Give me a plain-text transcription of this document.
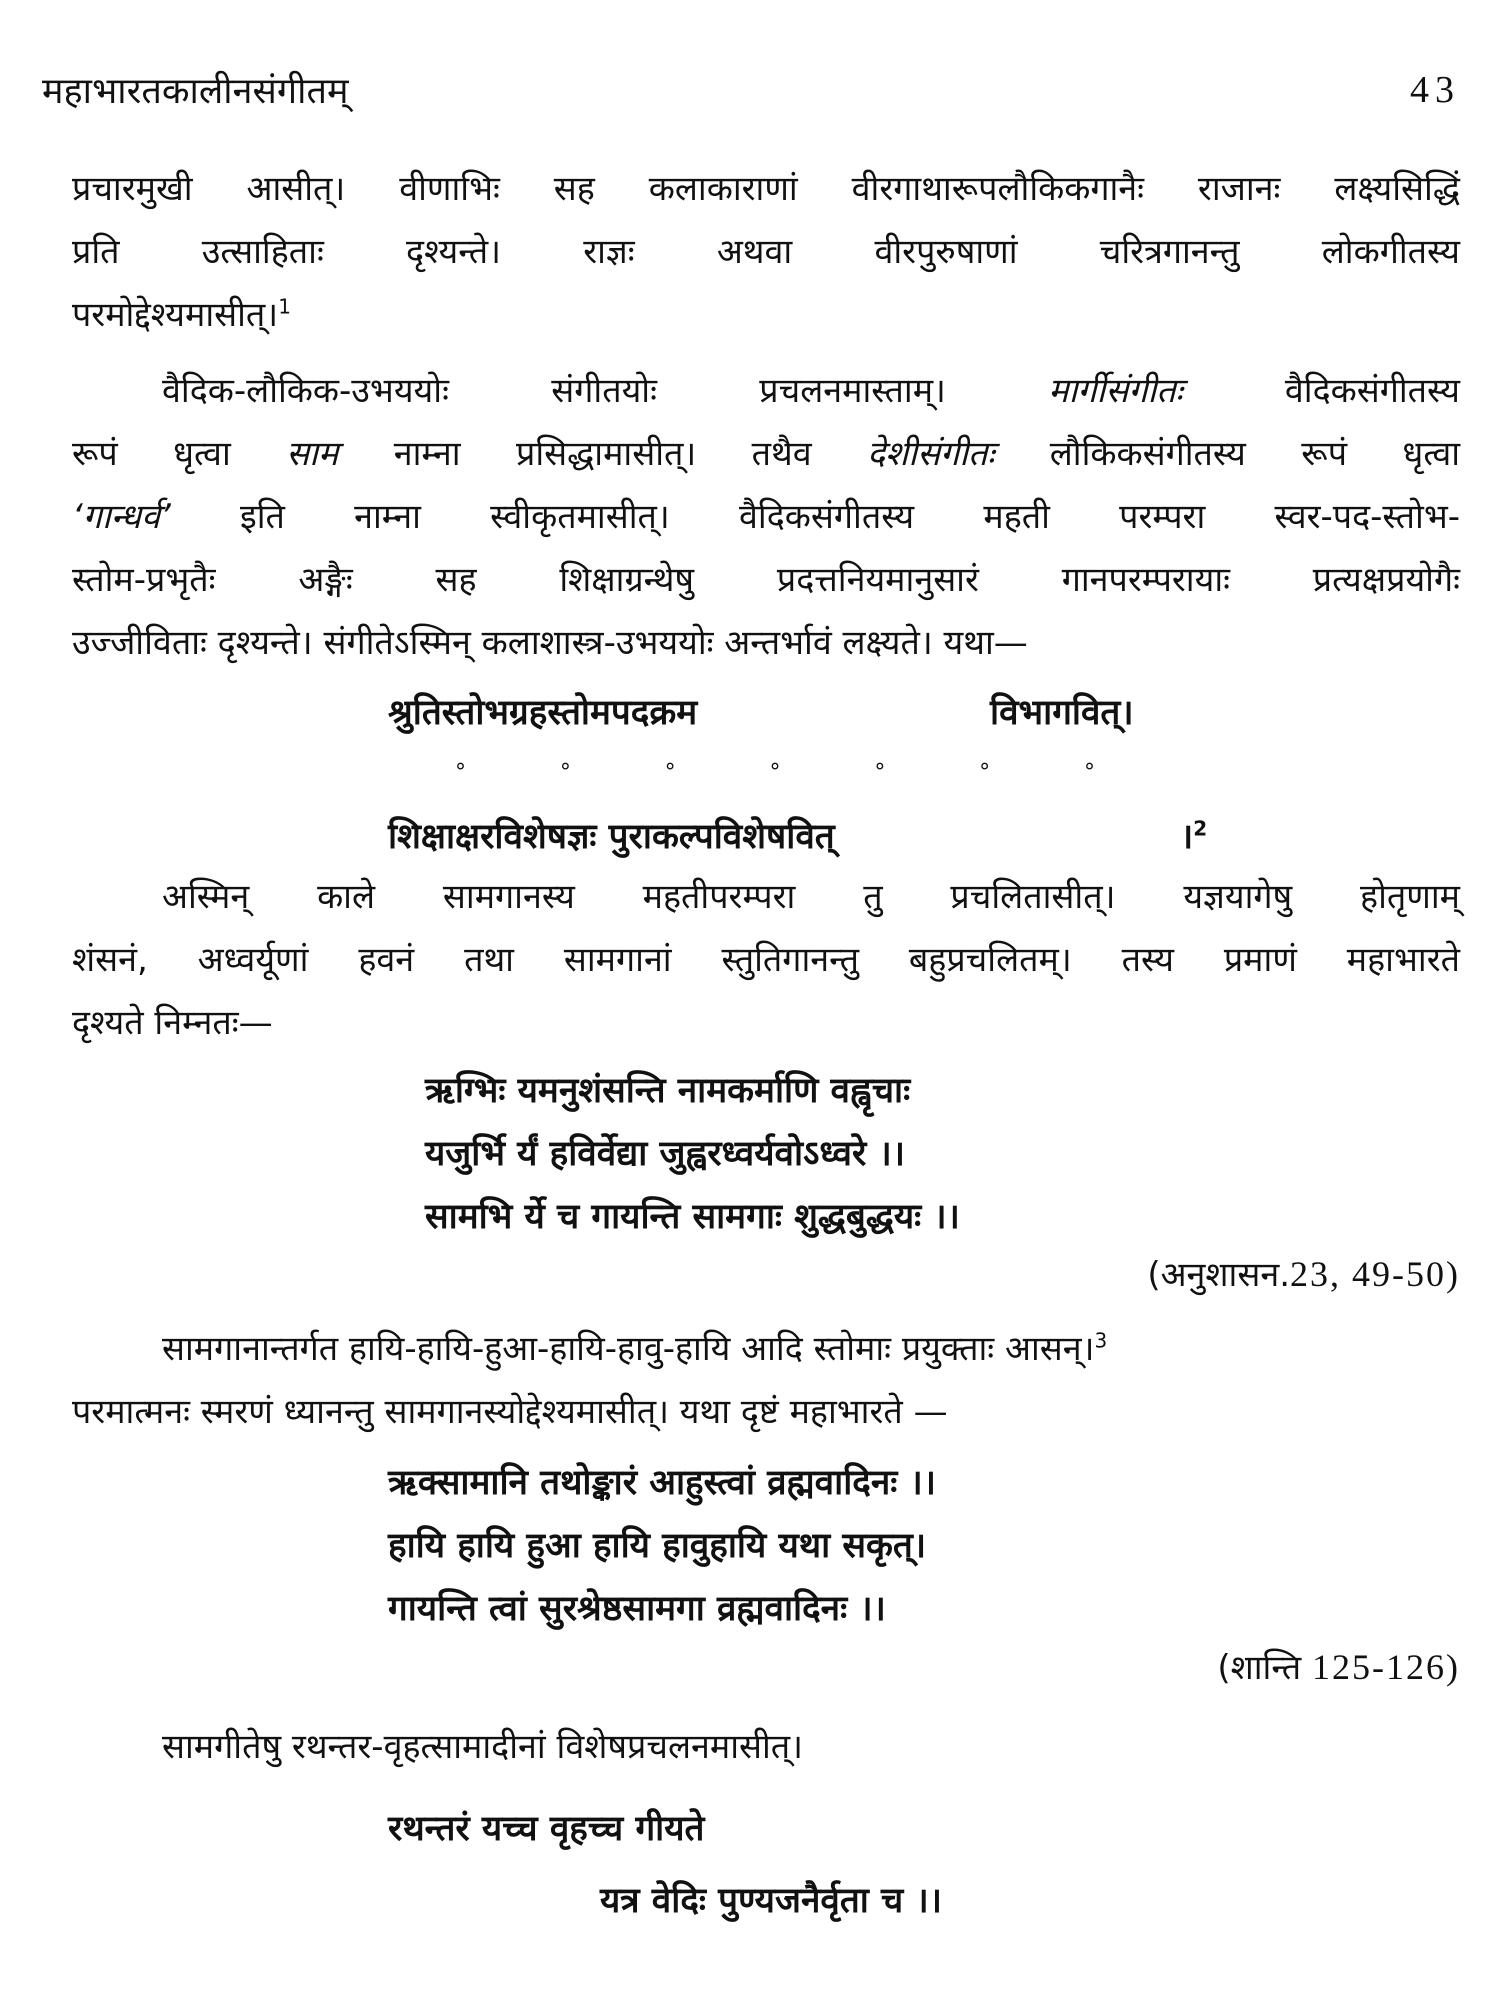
महाभारतकालीनसंगीतम्	43
प्रचारमुखी आसीत्। वीणाभिः सह कलाकाराणां वीरगाथारूपलौकिकगानैः राजानः लक्ष्यसिद्धिं
प्रति उत्साहिताः दृश्यन्ते। राज्ञः अथवा वीरपुरुषाणां चरित्रगानन्तु लोकगीतस्य
परमोद्देश्यमासीत्।$^1$
वैदिक-लौकिक-उभययोः संगीतयोः प्रचलनमास्ताम्।	मार्गीसंगीतः	वैदिकसंगीतस्य
रूपं धृत्वा साम नाम्ना प्रसिद्धामासीत्। तथैव देशीसंगीतः लौकिकसंगीतस्य रूपं धृत्वा
‘गान्धर्व’ इति नाम्ना स्वीकृतमासीत्। वैदिकसंगीतस्य महती परम्परा स्वर-पद-स्तोभ-
स्तोम-प्रभृतैः अङ्गैः सह शिक्षाग्रन्थेषु प्रदत्तनियमानुसारं गानपरम्परायाः प्रत्यक्षप्रयोगैः
उज्जीविताः दृश्यन्ते। संगीतेऽस्मिन् कलाशास्त्र-उभययोः अन्तर्भावं लक्ष्यते। यथा—
श्रुतिस्तोभग्रहस्तोमपदक्रम	विभागवित्।
°	°	°	°	°	°	°
शिक्षाक्षरविशेषज्ञः पुराकल्पविशेषवित्	।$^2$
अस्मिन् काले सामगानस्य महतीपरम्परा तु प्रचलितासीत्। यज्ञयागेषु होतृणाम्
शंसनं, अध्वर्यूणां हवनं तथा सामगानां स्तुतिगानन्तु बहुप्रचलितम्। तस्य प्रमाणं महाभारते
दृश्यते निम्नतः—
ऋग्भिः यमनुशंसन्ति नामकर्माणि वह्वृचाः
यजुर्भि र्यं हविर्वेद्या जुह्वरध्वर्यवोऽध्वरे ।।
सामभि र्ये च गायन्ति सामगाः शुद्धबुद्धयः ।।
(अनुशासन.23, 49-50)
सामगानान्तर्गत हायि-हायि-हुआ-हायि-हावु-हायि आदि स्तोमाः प्रयुक्ताः आसन्।$^3$
परमात्मनः स्मरणं ध्यानन्तु सामगानस्योद्देश्यमासीत्। यथा दृष्टं महाभारते —
ऋक्सामानि तथोङ्कारं आहुस्त्वां व्रह्मवादिनः ।।
हायि हायि हुआ हायि हावुहायि यथा सकृत्।
गायन्ति त्वां सुरश्रेष्ठसामगा व्रह्मवादिनः ।।
(शान्ति 125-126)
सामगीतेषु रथन्तर-वृहत्सामादीनां विशेषप्रचलनमासीत्।
रथन्तरं यच्च वृहच्च गीयते
यत्र वेदिः पुण्यजनैर्वृता च ।।
